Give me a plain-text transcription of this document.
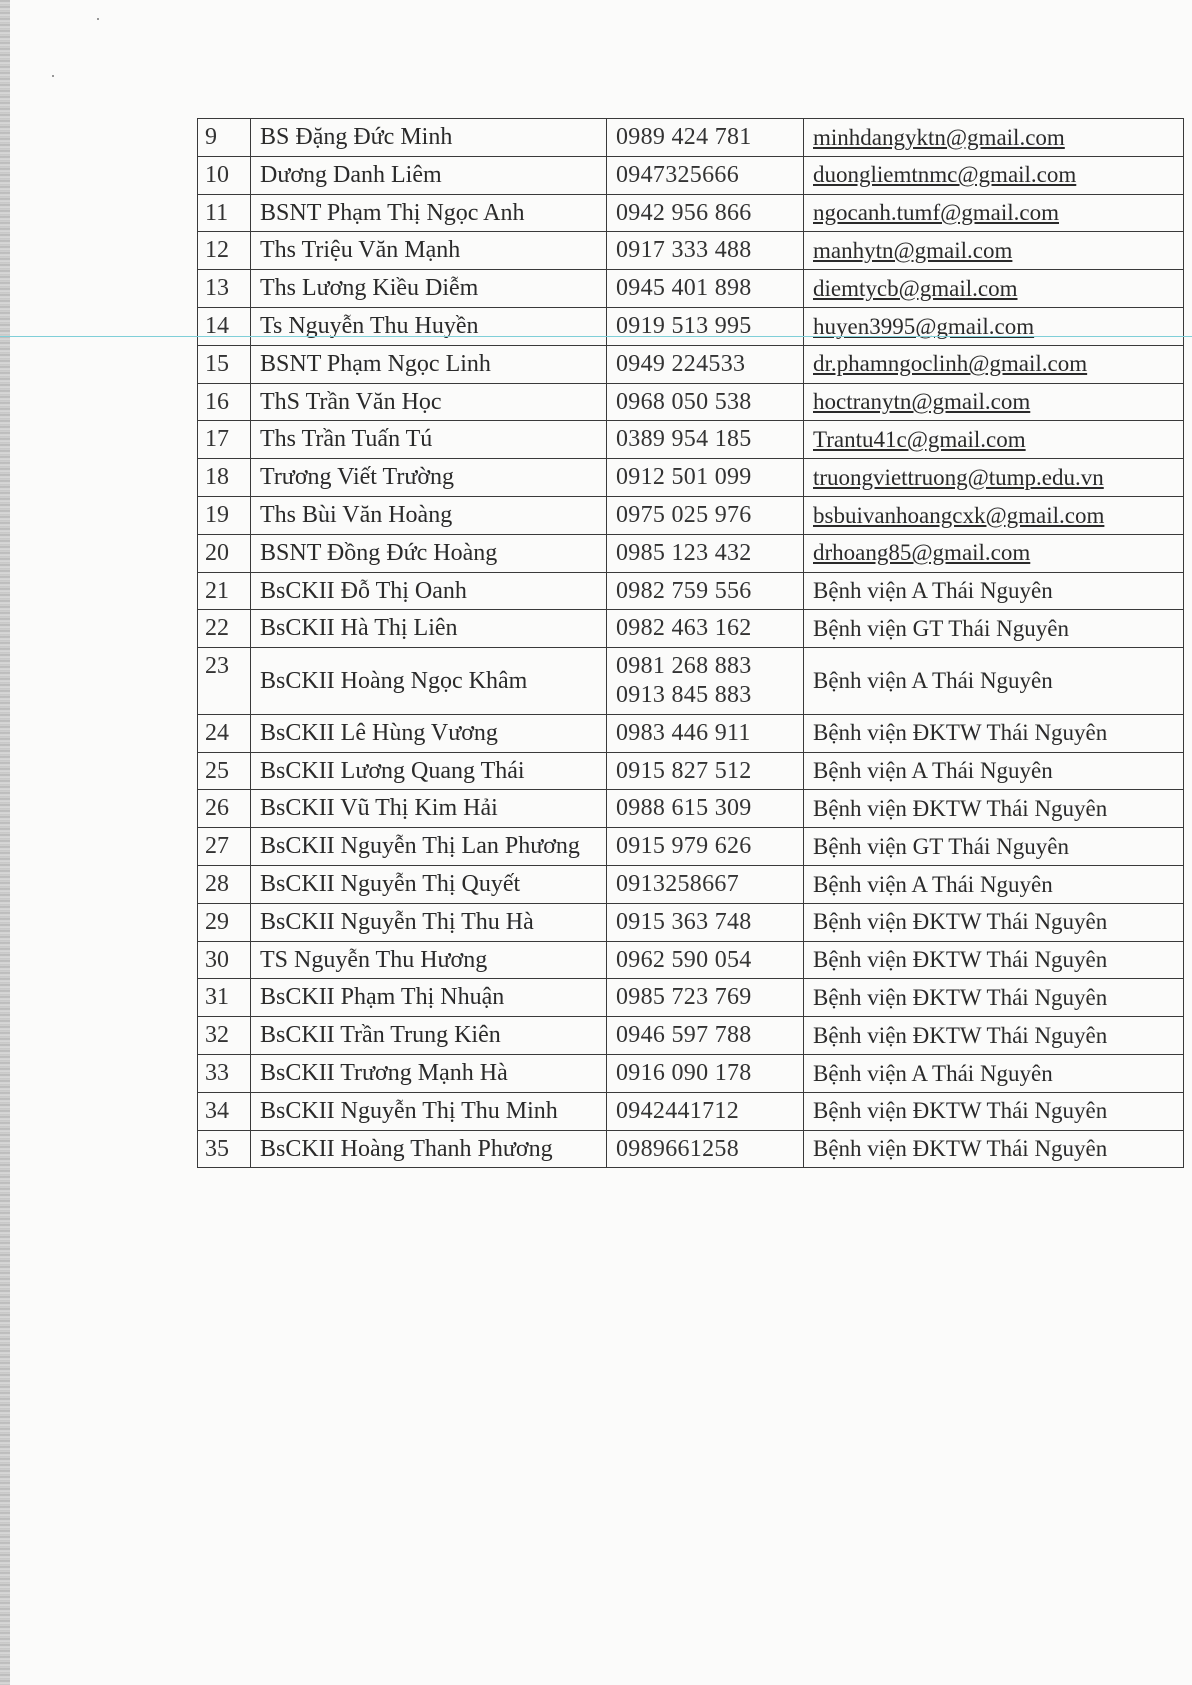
9	BS Đặng Đức Minh	0989 424 781	minhdangyktn@gmail.com
10	Dương Danh Liêm	0947325666	duongliemtnmc@gmail.com
11	BSNT Phạm Thị Ngọc Anh	0942 956 866	ngocanh.tumf@gmail.com
12	Ths Triệu Văn Mạnh	0917 333 488	manhytn@gmail.com
13	Ths Lương Kiều Diễm	0945 401 898	diemtycb@gmail.com
14	Ts Nguyễn Thu Huyền	0919 513 995	huyen3995@gmail.com
15	BSNT Phạm Ngọc Linh	0949 224533	dr.phamngoclinh@gmail.com
16	ThS Trần Văn Học	0968 050 538	hoctranytn@gmail.com
17	Ths Trần Tuấn Tú	0389 954 185	Trantu41c@gmail.com
18	Trương Viết Trường	0912 501 099	truongviettruong@tump.edu.vn
19	Ths Bùi Văn Hoàng	0975 025 976	bsbuivanhoangcxk@gmail.com
20	BSNT Đồng Đức Hoàng	0985 123 432	drhoang85@gmail.com
21	BsCKII Đỗ Thị Oanh	0982 759 556	Bệnh viện A Thái Nguyên
22	BsCKII Hà Thị Liên	0982 463 162	Bệnh viện GT Thái Nguyên
23	BsCKII Hoàng Ngọc Khâm	0981 268 883
0913 845 883	Bệnh viện A Thái Nguyên
24	BsCKII Lê Hùng Vương	0983 446 911	Bệnh viện ĐKTW Thái Nguyên
25	BsCKII Lương Quang Thái	0915 827 512	Bệnh viện A Thái Nguyên
26	BsCKII Vũ Thị Kim Hải	0988 615 309	Bệnh viện ĐKTW Thái Nguyên
27	BsCKII Nguyễn Thị Lan Phương	0915 979 626	Bệnh viện GT Thái Nguyên
28	BsCKII Nguyễn Thị Quyết	0913258667	Bệnh viện A Thái Nguyên
29	BsCKII Nguyễn Thị Thu Hà	0915 363 748	Bệnh viện ĐKTW Thái Nguyên
30	TS Nguyễn Thu Hương	0962 590 054	Bệnh viện ĐKTW Thái Nguyên
31	BsCKII Phạm Thị Nhuận	0985 723 769	Bệnh viện ĐKTW Thái Nguyên
32	BsCKII Trần Trung Kiên	0946 597 788	Bệnh viện ĐKTW Thái Nguyên
33	BsCKII Trương Mạnh Hà	0916 090 178	Bệnh viện A Thái Nguyên
34	BsCKII Nguyễn Thị Thu Minh	0942441712	Bệnh viện ĐKTW Thái Nguyên
35	BsCKII Hoàng Thanh Phương	0989661258	Bệnh viện ĐKTW Thái Nguyên
